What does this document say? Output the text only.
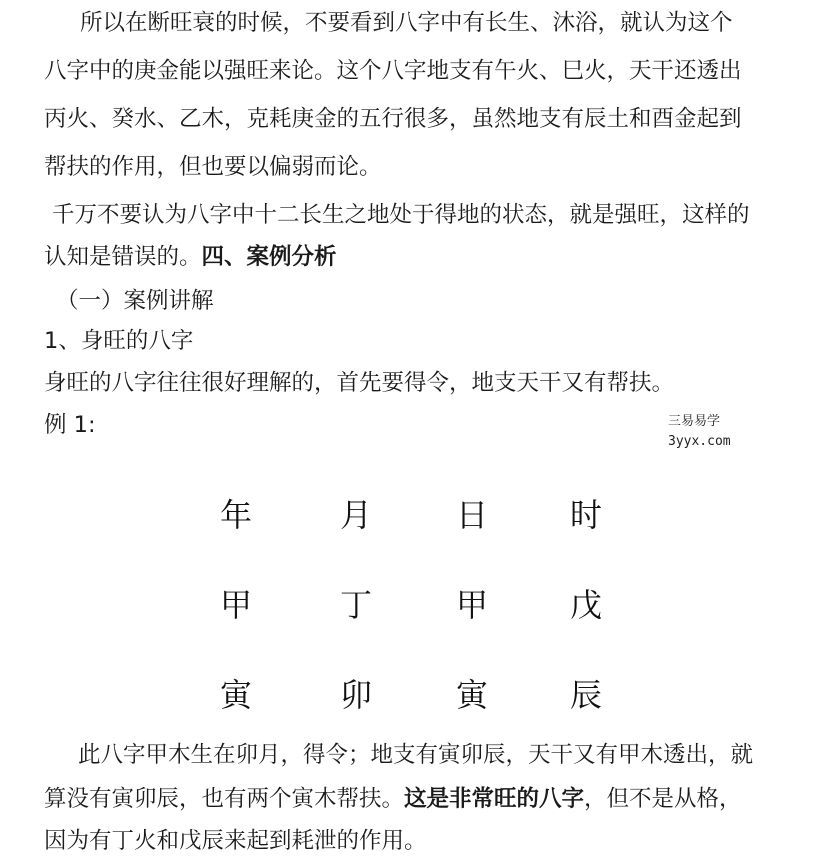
所以在断旺衰的时候，不要看到八字中有长生、沐浴，就认为这个
八字中的庚金能以强旺来论。这个八字地支有午火、巳火，天干还透出
丙火、癸水、乙木，克耗庚金的五行很多，虽然地支有辰土和酉金起到
帮扶的作用，但也要以偏弱而论。
千万不要认为八字中十二长生之地处于得地的状态，就是强旺，这样的
认知是错误的。四、案例分析
（一）案例讲解
1、身旺的八字
身旺的八字往往很好理解的，首先要得令，地支天干又有帮扶。
例 1:	三易易学
3yyx.com
年	月	日	时
甲	丁	甲	戊
寅	卯	寅	辰
此八字甲木生在卯月，得令；地支有寅卯辰，天干又有甲木透出，就
算没有寅卯辰，也有两个寅木帮扶。这是非常旺的八字，但不是从格，
因为有丁火和戊辰来起到耗泄的作用。
